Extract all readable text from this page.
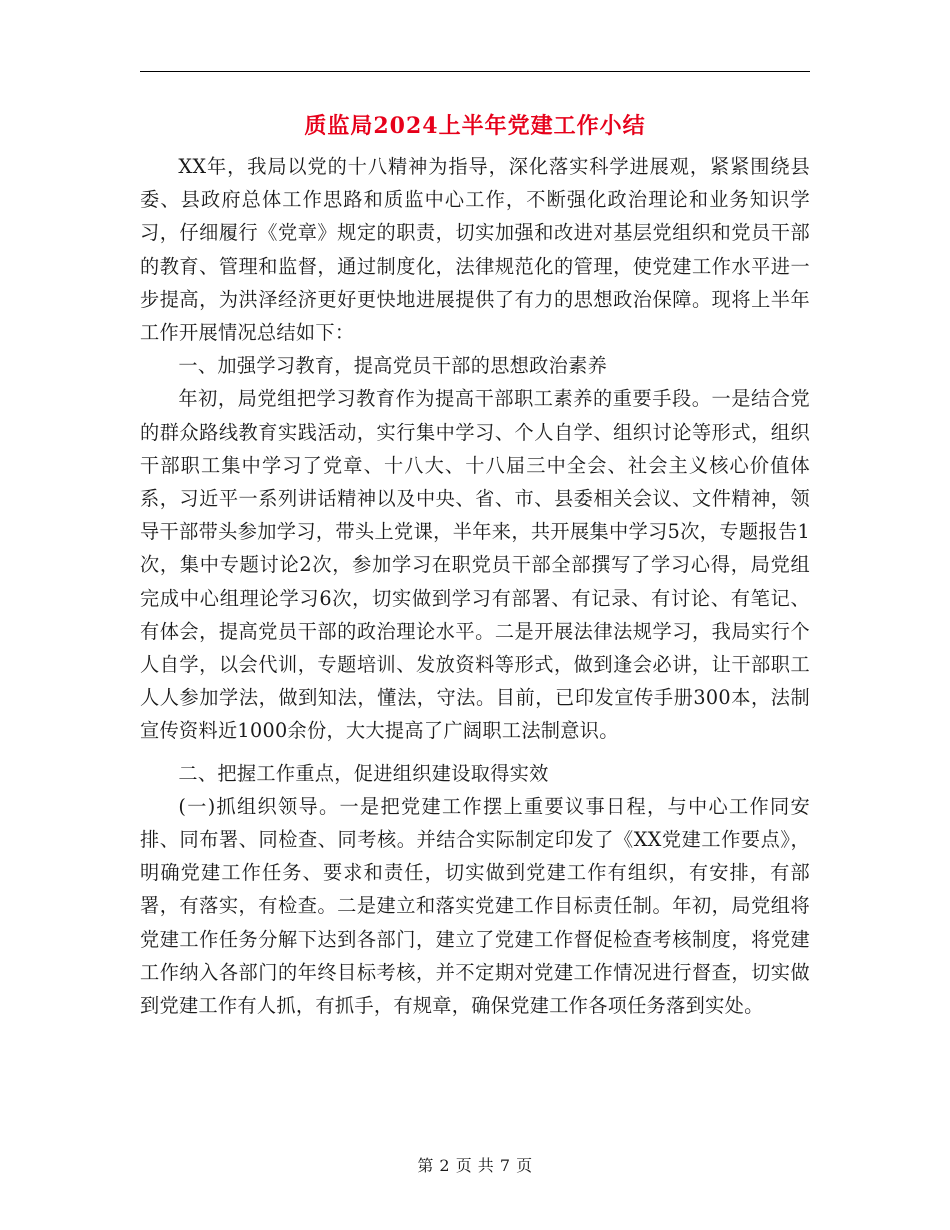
质监局2024上半年党建工作小结

XX年，我局以党的十八精神为指导，深化落实科学进展观，紧紧围绕县委、县政府总体工作思路和质监中心工作，不断强化政治理论和业务知识学习，仔细履行《党章》规定的职责，切实加强和改进对基层党组织和党员干部的教育、管理和监督，通过制度化，法律规范化的管理，使党建工作水平进一步提高，为洪泽经济更好更快地进展提供了有力的思想政治保障。现将上半年工作开展情况总结如下：

一、加强学习教育，提高党员干部的思想政治素养

年初，局党组把学习教育作为提高干部职工素养的重要手段。一是结合党的群众路线教育实践活动，实行集中学习、个人自学、组织讨论等形式，组织干部职工集中学习了党章、十八大、十八届三中全会、社会主义核心价值体系，习近平一系列讲话精神以及中央、省、市、县委相关会议、文件精神，领导干部带头参加学习，带头上党课，半年来，共开展集中学习5次，专题报告1次，集中专题讨论2次，参加学习在职党员干部全部撰写了学习心得，局党组完成中心组理论学习6次，切实做到学习有部署、有记录、有讨论、有笔记、有体会，提高党员干部的政治理论水平。二是开展法律法规学习，我局实行个人自学，以会代训，专题培训、发放资料等形式，做到逢会必讲，让干部职工人人参加学法，做到知法，懂法，守法。目前，已印发宣传手册300本，法制宣传资料近1000余份，大大提高了广阔职工法制意识。

二、把握工作重点，促进组织建设取得实效

(一)抓组织领导。一是把党建工作摆上重要议事日程，与中心工作同安排、同布署、同检查、同考核。并结合实际制定印发了《XX党建工作要点》，明确党建工作任务、要求和责任，切实做到党建工作有组织，有安排，有部署，有落实，有检查。二是建立和落实党建工作目标责任制。年初，局党组将党建工作任务分解下达到各部门，建立了党建工作督促检查考核制度，将党建工作纳入各部门的年终目标考核，并不定期对党建工作情况进行督查，切实做到党建工作有人抓，有抓手，有规章，确保党建工作各项任务落到实处。

第 2 页 共 7 页
